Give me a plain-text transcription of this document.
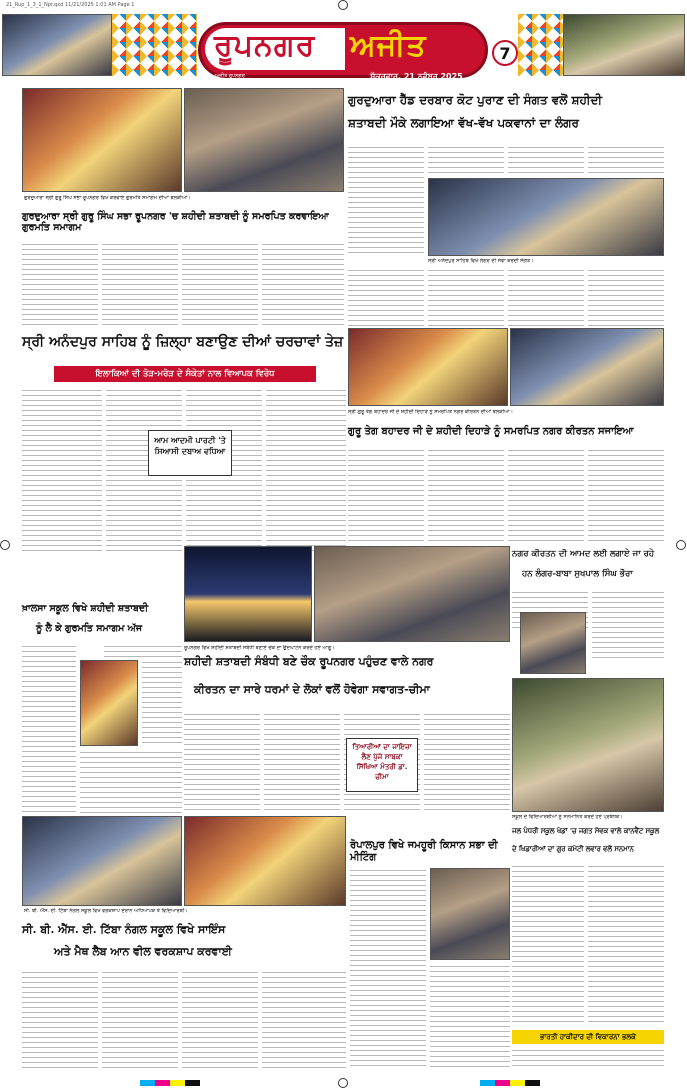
21_Rup_1_3_1_Npr.qxd 11/21/2025 1:01 AM Page 1
ਰੂਪਨਗਰ ਅਜੀਤ
ਅਜੀਤ ਰੂਪਨਗਰ	ਸ਼ੁੱਕਰਵਾਰ, 21 ਨਵੰਬਰ 2025
7
ਗੁਰਦੁਆਰਾ ਸ੍ਰੀ ਗੁਰੂ ਸਿੰਘ ਸਭਾ ਰੂਪਨਗਰ ਵਿਖੇ ਕਰਵਾਏ ਗੁਰਮਤਿ ਸਮਾਗਮ ਦੀਆਂ ਝਲਕੀਆਂ।
ਗੁਰਦੁਆਰਾ ਸ੍ਰੀ ਗੁਰੂ ਸਿੰਘ ਸਭਾ ਰੂਪਨਗਰ 'ਚ ਸ਼ਹੀਦੀ ਸ਼ਤਾਬਦੀ ਨੂੰ ਸਮਰਪਿਤ ਕਰਵਾਇਆ ਗੁਰਮਤਿ ਸਮਾਗਮ
ਗੁਰਦੁਆਰਾ ਹੈੱਡ ਦਰਬਾਰ ਕੋਟ ਪੁਰਾਣ ਦੀ ਸੰਗਤ ਵਲੋਂ ਸ਼ਹੀਦੀ
ਸ਼ਤਾਬਦੀ ਮੌਕੇ ਲਗਾਇਆ ਵੱਖ-ਵੱਖ ਪਕਵਾਨਾਂ ਦਾ ਲੰਗਰ
ਸ੍ਰੀ ਅਨੰਦਪੁਰ ਸਾਹਿਬ ਵਿਖੇ ਲੰਗਰ ਦੀ ਸੇਵਾ ਕਰਦੀ ਸੰਗਤ।
ਸ੍ਰੀ ਅਨੰਦਪੁਰ ਸਾਹਿਬ ਨੂੰ ਜ਼ਿਲ੍ਹਾ ਬਣਾਉਣ ਦੀਆਂ ਚਰਚਾਵਾਂ ਤੇਜ਼
ਇਲਾਕਿਆਂ ਦੀ ਤੋੜ-ਮਰੋੜ ਦੇ ਸੰਕੇਤਾਂ ਨਾਲ ਵਿਆਪਕ ਵਿਰੋਧ
ਆਮ ਆਦਮੀ ਪਾਰਟੀ 'ਤੇ ਸਿਆਸੀ ਦਬਾਅ ਵਧਿਆ
ਸ੍ਰੀ ਗੁਰੂ ਤੇਗ ਬਹਾਦਰ ਜੀ ਦੇ ਸ਼ਹੀਦੀ ਦਿਹਾੜੇ ਨੂੰ ਸਮਰਪਿਤ ਨਗਰ ਕੀਰਤਨ ਦੀਆਂ ਝਲਕੀਆਂ।
ਗੁਰੂ ਤੇਗ ਬਹਾਦਰ ਜੀ ਦੇ ਸ਼ਹੀਦੀ ਦਿਹਾੜੇ ਨੂੰ ਸਮਰਪਿਤ ਨਗਰ ਕੀਰਤਨ ਸਜਾਇਆ
ਰੂਪਨਗਰ ਵਿਖੇ ਸ਼ਹੀਦੀ ਸ਼ਤਾਬਦੀ ਸਬੰਧੀ ਬਣਾਏ ਚੌਕ ਦਾ ਉਦਘਾਟਨ ਕਰਦੇ ਹੋਏ ਆਗੂ।
ਨਗਰ ਕੀਰਤਨ ਦੀ ਆਮਦ ਲਈ ਲਗਾਏ ਜਾ ਰਹੇ
ਹਨ ਲੰਗਰ-ਬਾਬਾ ਸੁਖਪਾਲ ਸਿੰਘ ਭੌਰਾ
ਖ਼ਾਲਸਾ ਸਕੂਲ ਵਿਖੇ ਸ਼ਹੀਦੀ ਸ਼ਤਾਬਦੀ
ਨੂੰ ਲੈ ਕੇ ਗੁਰਮਤਿ ਸਮਾਗਮ ਅੱਜ
ਸ਼ਹੀਦੀ ਸ਼ਤਾਬਦੀ ਸੰਬੰਧੀ ਬਣੇ ਚੌਕ ਰੂਪਨਗਰ ਪਹੁੰਚਣ ਵਾਲੇ ਨਗਰ
ਕੀਰਤਨ ਦਾ ਸਾਰੇ ਧਰਮਾਂ ਦੇ ਲੋਕਾਂ ਵਲੋਂ ਹੋਵੇਗਾ ਸਵਾਗਤ-ਚੀਮਾ
ਤਿਆਰੀਆਂ ਦਾ ਜਾਇਜ਼ਾ ਲੈਣ ਪੁੱਜੇ ਸਾਬਕਾ ਸਿੱਖਿਆ ਮੰਤਰੀ ਡਾ. ਚੀਮਾ
ਸਕੂਲ ਦੇ ਵਿਦਿਆਰਥੀਆਂ ਨੂੰ ਸਨਮਾਨਿਤ ਕਰਦੇ ਹੋਏ ਪ੍ਰਬੰਧਕ।
ਸੀ. ਬੀ. ਐੱਸ. ਈ. ਟਿੱਬਾ ਨੰਗਲ ਸਕੂਲ ਵਿਖੇ ਵਰਕਸ਼ਾਪ ਦੌਰਾਨ ਅਧਿਆਪਕ ਤੇ ਵਿਦਿਆਰਥੀ।
ਸੀ. ਬੀ. ਐੱਸ. ਈ. ਟਿੱਬਾ ਨੰਗਲ ਸਕੂਲ ਵਿਖੇ ਸਾਇੰਸ
ਅਤੇ ਮੈਥ ਲੈਬ ਆਨ ਵੀਲ ਵਰਕਸ਼ਾਪ ਕਰਵਾਈ
ਰੋਪਾਲਪੁਰ ਵਿਖੇ ਜਮਹੂਰੀ ਕਿਸਾਨ ਸਭਾ ਦੀ ਮੀਟਿੰਗ
ਜਲ ਪੰਧਰੀ ਸਕੂਲ ਖੇਡਾਂ 'ਚ ਜਗਤ ਸੇਵਕ ਵਾਲੇ ਕਾਨਵੈਂਟ ਸਕੂਲ
ਦੇ ਖਿਡਾਰੀਆਂ ਦਾ ਗੁਰ ਕਮੇਟੀ ਲਵਾਰ ਵਲੋਂ ਸਨਮਾਨ
ਭਾਰਤੀ ਹਾਕੀਦਾਰ ਦੀ ਵਿਕਾਰਨਾ ਭਲਕੇ
